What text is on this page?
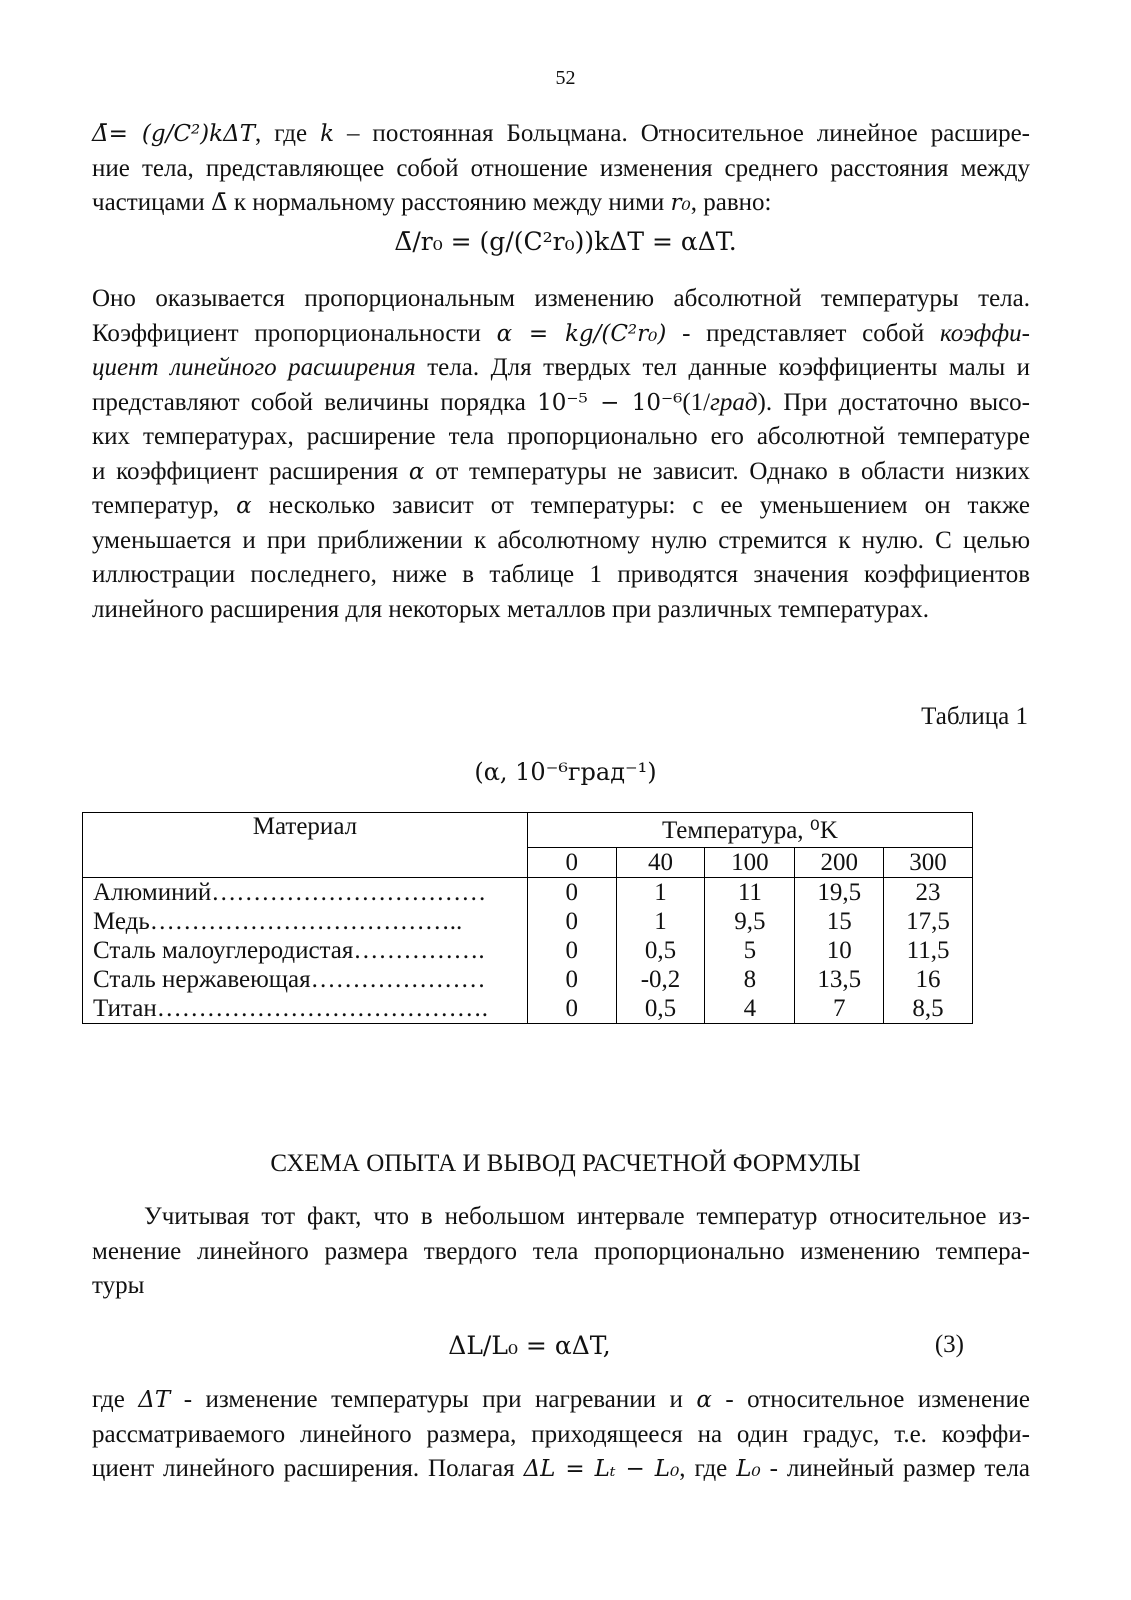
52
Δ̄= (g/C²)kΔT, где k – постоянная Больцмана. Относительное линейное расшире-
ние тела, представляющее собой отношение изменения среднего расстояния между
частицами Δ̄ к нормальному расстоянию между ними r₀, равно:
Δ̄/r₀ = (g/(C²r₀))kΔT = αΔT.
Оно оказывается пропорциональным изменению абсолютной температуры тела.
Коэффициент пропорциональности α = kg/(C²r₀) - представляет собой коэффи-
циент линейного расширения тела. Для твердых тел данные коэффициенты малы и
представляют собой величины порядка 10⁻⁵ − 10⁻⁶(1/град). При достаточно высо-
ких температурах, расширение тела пропорционально его абсолютной температуре
и коэффициент расширения α от температуры не зависит. Однако в области низких
температур, α несколько зависит от температуры: с ее уменьшением он также
уменьшается и при приближении к абсолютному нулю стремится к нулю. С целью
иллюстрации последнего, ниже в таблице 1 приводятся значения коэффициентов
линейного расширения для некоторых металлов при различных температурах.
Таблица 1
(α, 10⁻⁶град⁻¹)
Материал	Температура, ⁰K				
	0	40	100	200	300
Алюминий……………………………	0	1	11	19,5	23
Медь………………………………..	0	1	9,5	15	17,5
Сталь малоуглеродистая…………….	0	0,5	5	10	11,5
Сталь нержавеющая…………………	0	-0,2	8	13,5	16
Титан………………………………….	0	0,5	4	7	8,5
СХЕМА ОПЫТА И ВЫВОД РАСЧЕТНОЙ ФОРМУЛЫ
Учитывая тот факт, что в небольшом интервале температур относительное из-
менение линейного размера твердого тела пропорционально изменению темпера-
туры
ΔL/L₀ = αΔT,	(3)
где ΔT - изменение температуры при нагревании и α - относительное изменение
рассматриваемого линейного размера, приходящееся на один градус, т.е. коэффи-
циент линейного расширения. Полагая ΔL = Lₜ − L₀, где L₀ - линейный размер тела
